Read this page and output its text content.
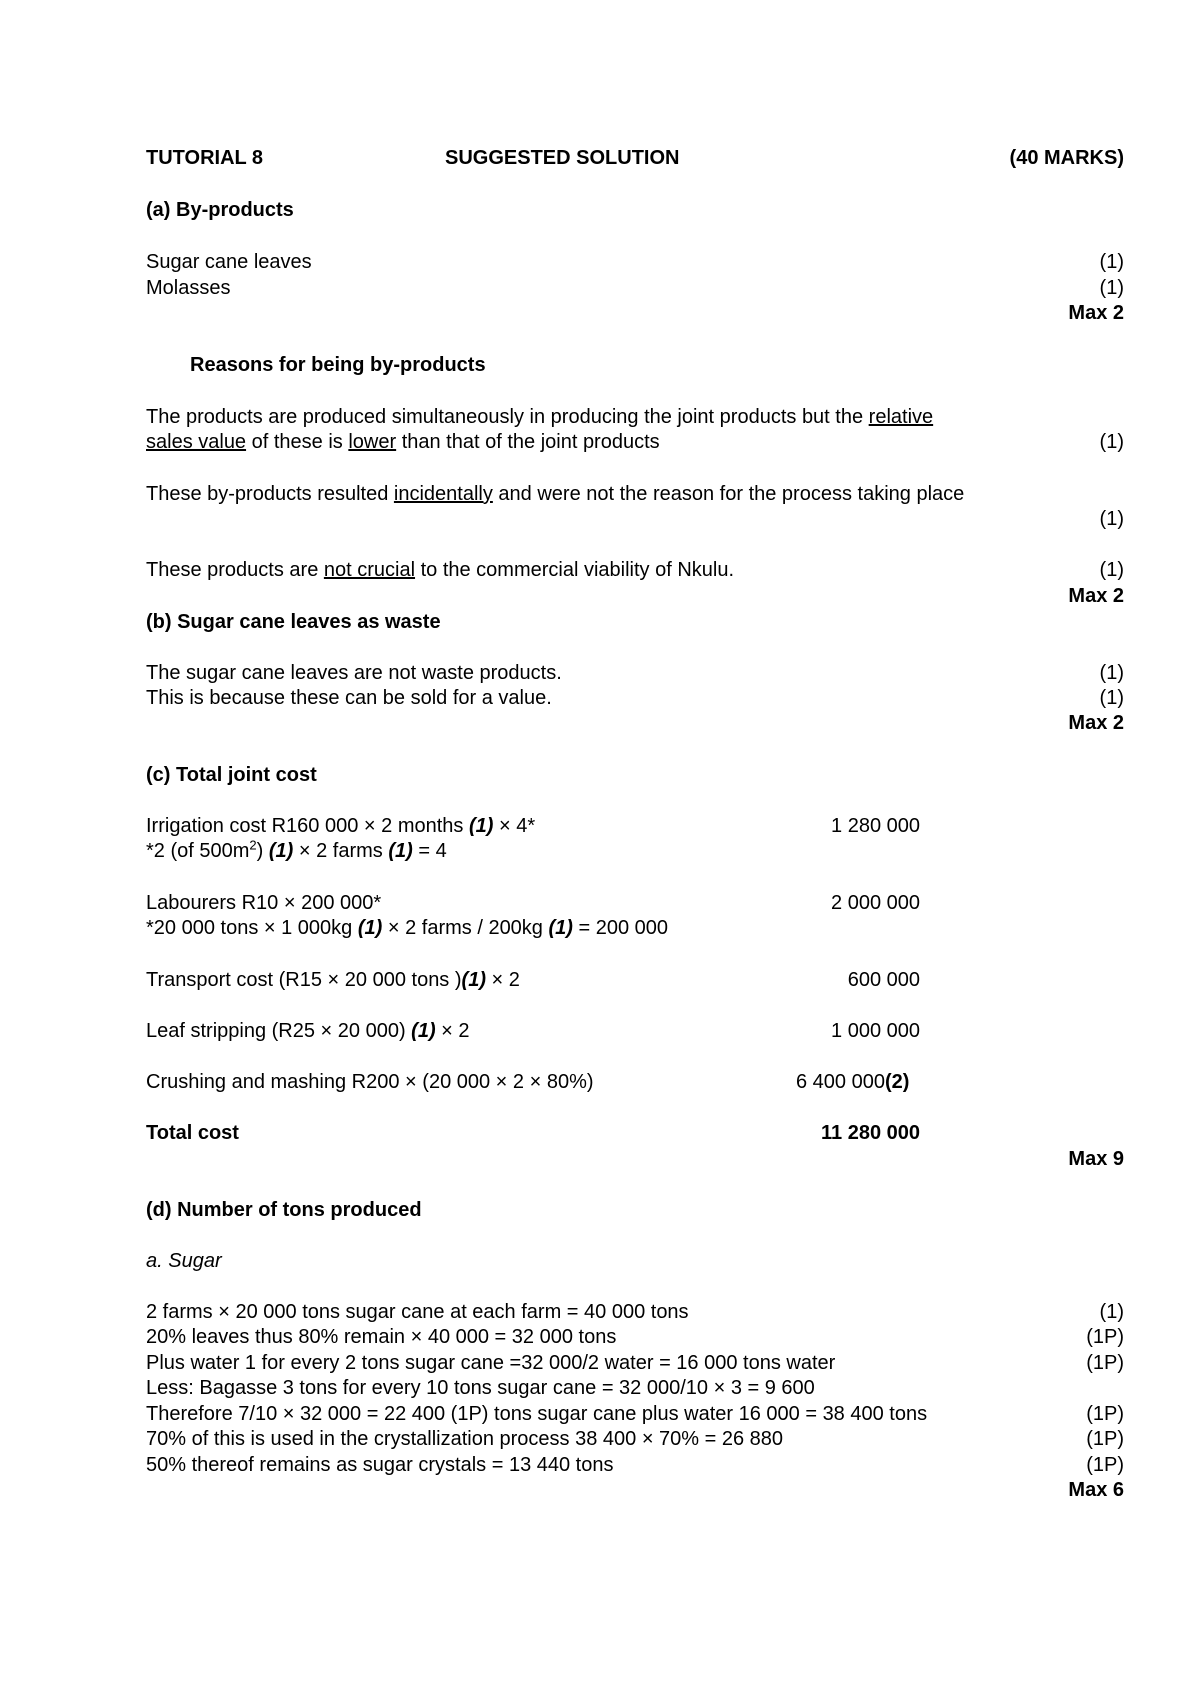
TUTORIAL 8	SUGGESTED SOLUTION	(40 MARKS)
(a) By-products
Sugar cane leaves	(1)
Molasses	(1)
Max 2
Reasons for being by-products
The products are produced simultaneously in producing the joint products but the relative
sales value of these is lower than that of the joint products	(1)
These by-products resulted incidentally and were not the reason for the process taking place
(1)
These products are not crucial to the commercial viability of Nkulu.	(1)
Max 2
(b) Sugar cane leaves as waste
The sugar cane leaves are not waste products.	(1)
This is because these can be sold for a value.	(1)
Max 2
(c) Total joint cost
Irrigation cost R160 000 × 2 months (1) × 4*	1 280 000
*2 (of $500m^2$) (1) × 2 farms (1) = 4
Labourers R10 × 200 000*	2 000 000
*20 000 tons × 1 000kg (1) × 2 farms / 200kg (1) = 200 000
Transport cost (R15 × 20 000 tons )(1) × 2	600 000
Leaf stripping (R25 × 20 000) (1) × 2	1 000 000
Crushing and mashing R200 × (20 000 × 2 × 80%)	6 400 000(2)
Total cost	11 280 000
Max 9
(d) Number of tons produced
a. Sugar
2 farms × 20 000 tons sugar cane at each farm = 40 000 tons	(1)
20% leaves thus 80% remain × 40 000 = 32 000 tons	(1P)
Plus water 1 for every 2 tons sugar cane =32 000/2 water = 16 000 tons water	(1P)
Less: Bagasse 3 tons for every 10 tons sugar cane = 32 000/10 × 3 = 9 600
Therefore 7/10 × 32 000 = 22 400 (1P) tons sugar cane plus water 16 000 = 38 400 tons	(1P)
70% of this is used in the crystallization process 38 400 × 70% = 26 880	(1P)
50% thereof remains as sugar crystals = 13 440 tons	(1P)
Max 6
